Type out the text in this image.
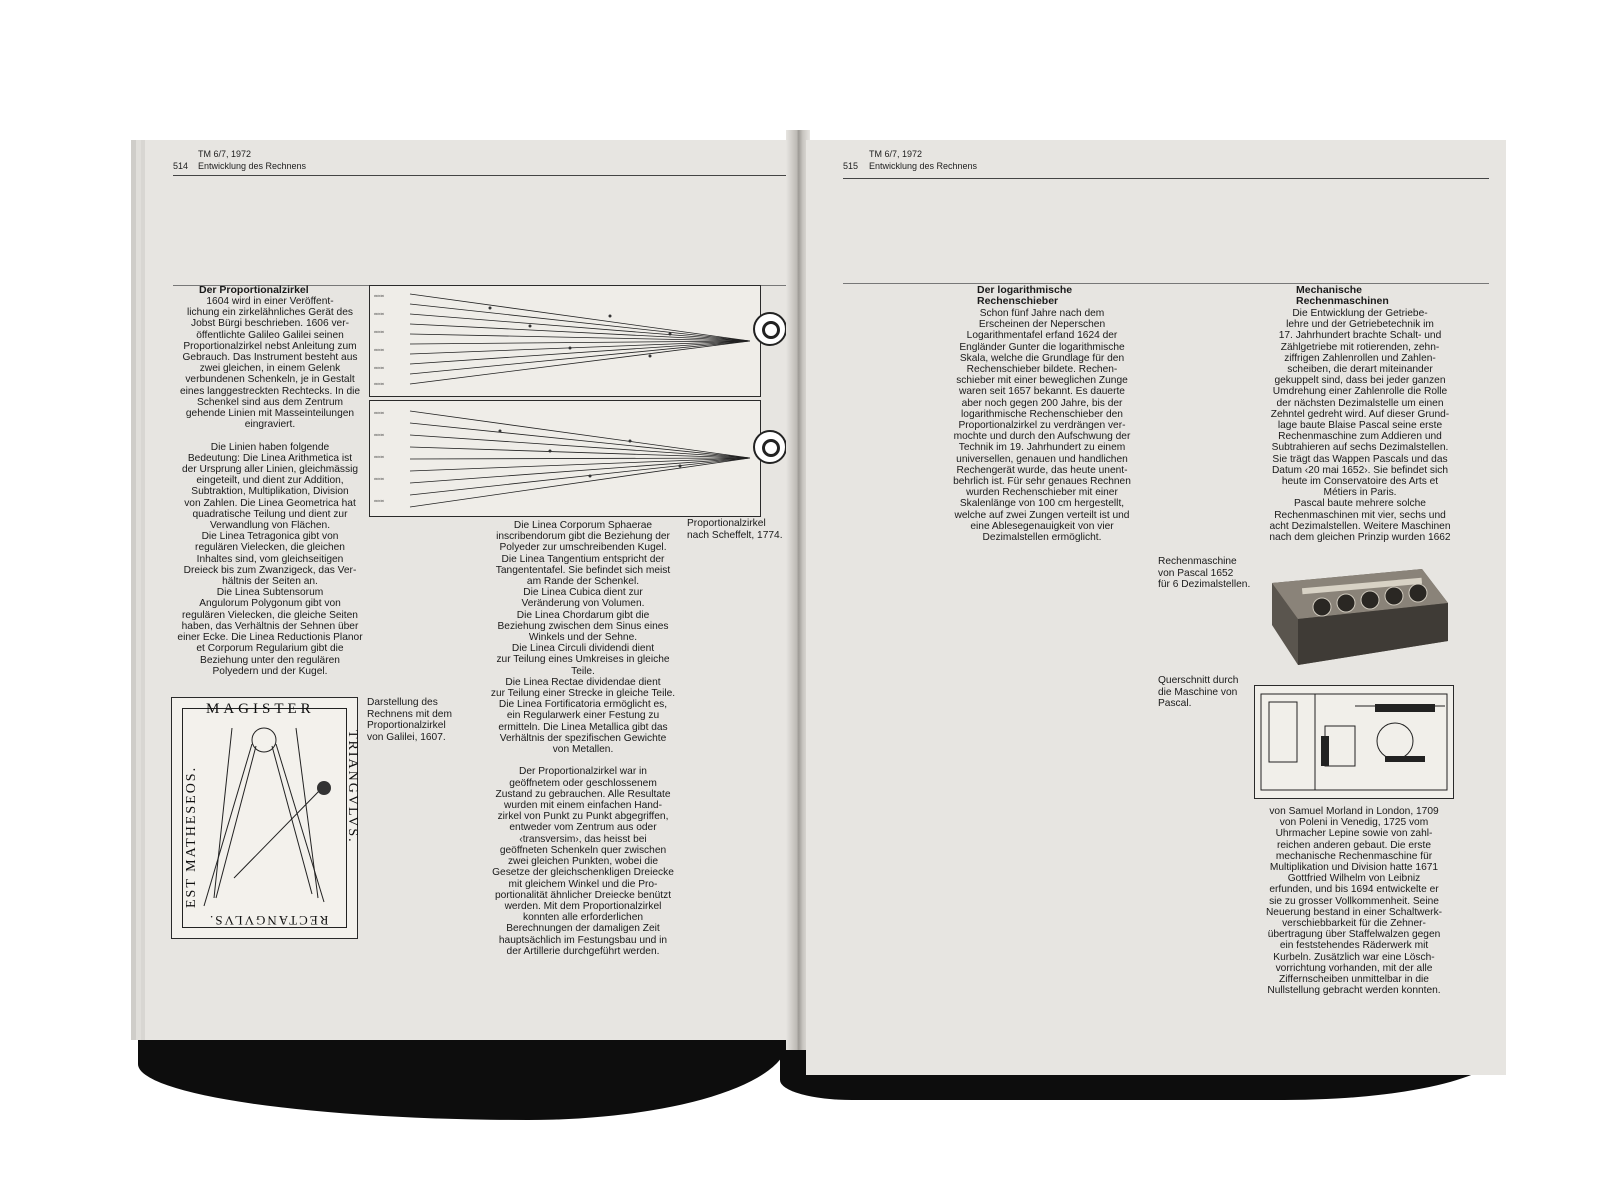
TM 6/7, 1972
514 Entwicklung des Rechnens
Der Proportionalzirkel
1604 wird in einer Veröffent-
lichung ein zirkelähnliches Gerät des
Jobst Bürgi beschrieben. 1606 ver-
öffentlichte Galileo Galilei seinen
Proportionalzirkel nebst Anleitung zum
Gebrauch. Das Instrument besteht aus
zwei gleichen, in einem Gelenk
verbundenen Schenkeln, je in Gestalt
eines langgestreckten Rechtecks. In die
Schenkel sind aus dem Zentrum
gehende Linien mit Masseinteilungen
eingraviert.

Die Linien haben folgende
Bedeutung: Die Linea Arithmetica ist
der Ursprung aller Linien, gleichmässig
eingeteilt, und dient zur Addition,
Subtraktion, Multiplikation, Division
von Zahlen. Die Linea Geometrica hat
quadratische Teilung und dient zur
Verwandlung von Flächen.
Die Linea Tetragonica gibt von
regulären Vielecken, die gleichen
Inhaltes sind, vom gleichseitigen
Dreieck bis zum Zwanzigeck, das Ver-
hältnis der Seiten an.
Die Linea Subtensorum
Angulorum Polygonum gibt von
regulären Vielecken, die gleiche Seiten
haben, das Verhältnis der Sehnen über
einer Ecke. Die Linea Reductionis Planor
et Corporum Regularium gibt die
Beziehung unter den regulären
Polyedern und der Kugel.
≈≈≈
≈≈≈
≈≈≈
≈≈≈
≈≈≈
≈≈≈
≈≈≈
≈≈≈
≈≈≈
≈≈≈
≈≈≈
Proportionalzirkel
nach Scheffelt, 1774.
Die Linea Corporum Sphaerae
inscribendorum gibt die Beziehung der
Polyeder zur umschreibenden Kugel.
Die Linea Tangentium entspricht der
Tangententafel. Sie befindet sich meist
am Rande der Schenkel.
Die Linea Cubica dient zur
Veränderung von Volumen.
Die Linea Chordarum gibt die
Beziehung zwischen dem Sinus eines
Winkels und der Sehne.
Die Linea Circuli dividendi dient
zur Teilung eines Umkreises in gleiche
Teile.
Die Linea Rectae dividendae dient
zur Teilung einer Strecke in gleiche Teile.
Die Linea Fortificatoria ermöglicht es,
ein Regularwerk einer Festung zu
ermitteln. Die Linea Metallica gibt das
Verhältnis der spezifischen Gewichte
von Metallen.

Der Proportionalzirkel war in
geöffnetem oder geschlossenem
Zustand zu gebrauchen. Alle Resultate
wurden mit einem einfachen Hand-
zirkel von Punkt zu Punkt abgegriffen,
entweder vom Zentrum aus oder
‹transversim›, das heisst bei
geöffneten Schenkeln quer zwischen
zwei gleichen Punkten, wobei die
Gesetze der gleichschenkligen Dreiecke
mit gleichem Winkel und die Pro-
portionalität ähnlicher Dreiecke benützt
werden. Mit dem Proportionalzirkel
konnten alle erforderlichen
Berechnungen der damaligen Zeit
hauptsächlich im Festungsbau und in
der Artillerie durchgeführt werden.
MAGISTER
EST MATHESEOS.	TRIANGVLVS.
RECTANGVLVS.
Darstellung des
Rechnens mit dem
Proportionalzirkel
von Galilei, 1607.
TM 6/7, 1972
515 Entwicklung des Rechnens
Der logarithmische
Rechenschieber
Schon fünf Jahre nach dem
Erscheinen der Neperschen
Logarithmentafel erfand 1624 der
Engländer Gunter die logarithmische
Skala, welche die Grundlage für den
Rechenschieber bildete. Rechen-
schieber mit einer beweglichen Zunge
waren seit 1657 bekannt. Es dauerte
aber noch gegen 200 Jahre, bis der
logarithmische Rechenschieber den
Proportionalzirkel zu verdrängen ver-
mochte und durch den Aufschwung der
Technik im 19. Jahrhundert zu einem
universellen, genauen und handlichen
Rechengerät wurde, das heute unent-
behrlich ist. Für sehr genaues Rechnen
wurden Rechenschieber mit einer
Skalenlänge von 100 cm hergestellt,
welche auf zwei Zungen verteilt ist und
eine Ablesegenauigkeit von vier
Dezimalstellen ermöglicht.
Mechanische
Rechenmaschinen
Die Entwicklung der Getriebe-
lehre und der Getriebetechnik im
17. Jahrhundert brachte Schalt- und
Zählgetriebe mit rotierenden, zehn-
ziffrigen Zahlenrollen und Zahlen-
scheiben, die derart miteinander
gekuppelt sind, dass bei jeder ganzen
Umdrehung einer Zahlenrolle die Rolle
der nächsten Dezimalstelle um einen
Zehntel gedreht wird. Auf dieser Grund-
lage baute Blaise Pascal seine erste
Rechenmaschine zum Addieren und
Subtrahieren auf sechs Dezimalstellen.
Sie trägt das Wappen Pascals und das
Datum ‹20 mai 1652›. Sie befindet sich
heute im Conservatoire des Arts et
Métiers in Paris.
Pascal baute mehrere solche
Rechenmaschinen mit vier, sechs und
acht Dezimalstellen. Weitere Maschinen
nach dem gleichen Prinzip wurden 1662
Rechenmaschine
von Pascal 1652
für 6 Dezimalstellen.
Querschnitt durch
die Maschine von
Pascal.
von Samuel Morland in London, 1709
von Poleni in Venedig, 1725 vom
Uhrmacher Lepine sowie von zahl-
reichen anderen gebaut. Die erste
mechanische Rechenmaschine für
Multiplikation und Division hatte 1671
Gottfried Wilhelm von Leibniz
erfunden, und bis 1694 entwickelte er
sie zu grosser Vollkommenheit. Seine
Neuerung bestand in einer Schaltwerk-
verschiebbarkeit für die Zehner-
übertragung über Staffelwalzen gegen
ein feststehendes Räderwerk mit
Kurbeln. Zusätzlich war eine Lösch-
vorrichtung vorhanden, mit der alle
Ziffernscheiben unmittelbar in die
Nullstellung gebracht werden konnten.
